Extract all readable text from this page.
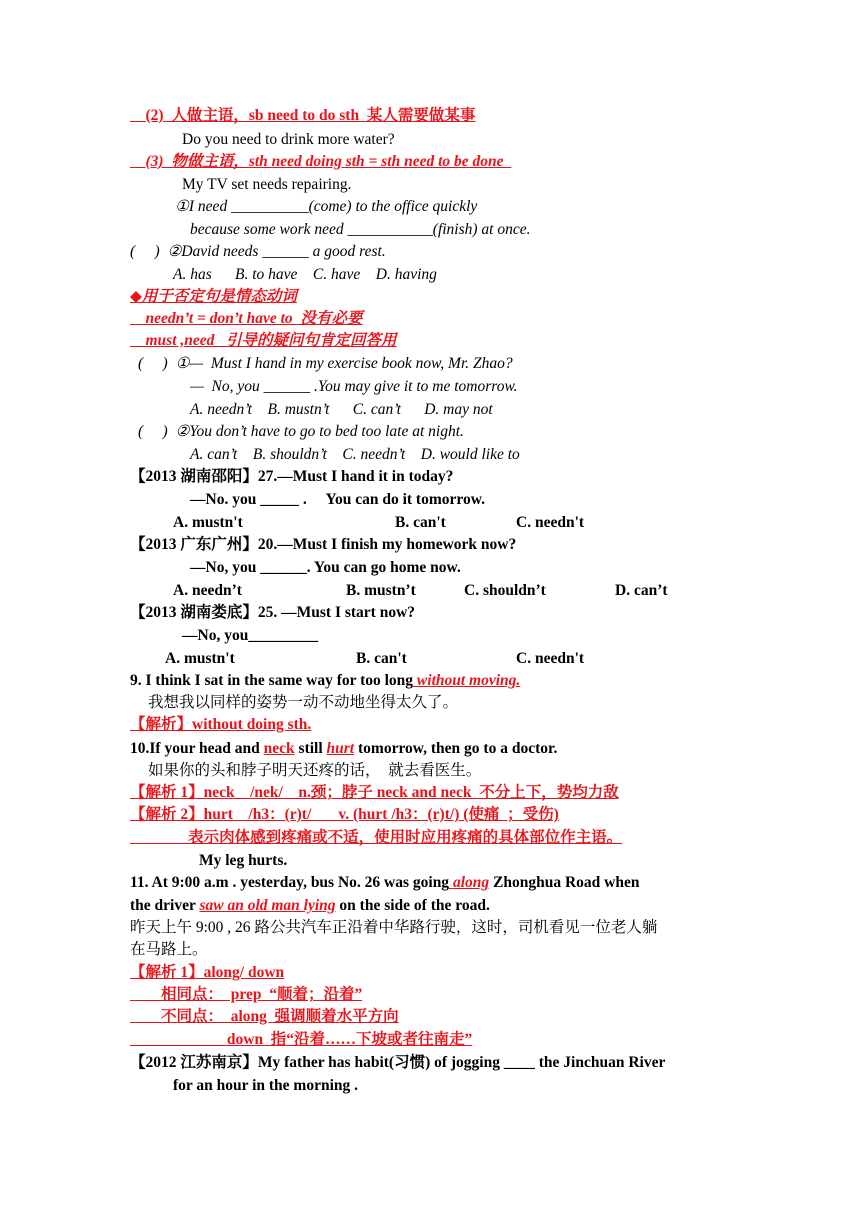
(2)  人做主语，sb need to do sth  某人需要做某事
Do you need to drink more water?
(3)  物做主语，sth need doing sth = sth need to be done
My TV set needs repairing.
①I need __________(come) to the office quickly
because some work need ___________(finish) at once.
(     )  ②David needs ______ a good rest.
A. has      B. to have    C. have    D. having
◆用于否定句是情态动词
needn’t = don’t have to  没有必要
must ,need   引导的疑问句肯定回答用
(     )  ①—  Must I hand in my exercise book now, Mr. Zhao?
—  No, you ______ .You may give it to me tomorrow.
A. needn’t    B. mustn’t      C. can’t      D. may not
(     )  ②You don’t have to go to bed too late at night.
A. can’t    B. shouldn’t    C. needn’t    D. would like to
【2013 湖南邵阳】27.—Must I hand it in today?
—No. you _____ .     You can do it tomorrow.
A. mustn't	B. can't	C. needn't
【2013 广东广州】20.—Must I finish my homework now?
—No, you ______. You can go home now.
A. needn’t	B. mustn’t	C. shouldn’t	D. can’t
【2013 湖南娄底】25. —Must I start now?
—No, you_________
A. mustn't	B. can't	C. needn't
9. I think I sat in the same way for too long without moving.
我想我以同样的姿势一动不动地坐得太久了。
【解析】without doing sth.
10.If your head and neck still hurt tomorrow, then go to a doctor.
如果你的头和脖子明天还疼的话，  就去看医生。
【解析 1】neck    /nek/    n.颈；脖子 neck and neck  不分上下，势均力敌
【解析 2】hurt    /h3：(r)t/       v. (hurt /h3：(r)t/) (使痛  ；受伤)
表示肉体感到疼痛或不适，使用时应用疼痛的具体部位作主语。
My leg hurts.
11. At 9:00 a.m . yesterday, bus No. 26 was going along Zhonghua Road when
the driver saw an old man lying on the side of the road.
昨天上午 9:00 , 26 路公共汽车正沿着中华路行驶，这时，司机看见一位老人躺
在马路上。
【解析 1】along/ down
相同点：  prep  “顺着；沿着”
不同点：  along  强调顺着水平方向
down  指“沿着……下坡或者往南走”
【2012 江苏南京】My father has habit(习惯) of jogging ____ the Jinchuan River
for an hour in the morning .
